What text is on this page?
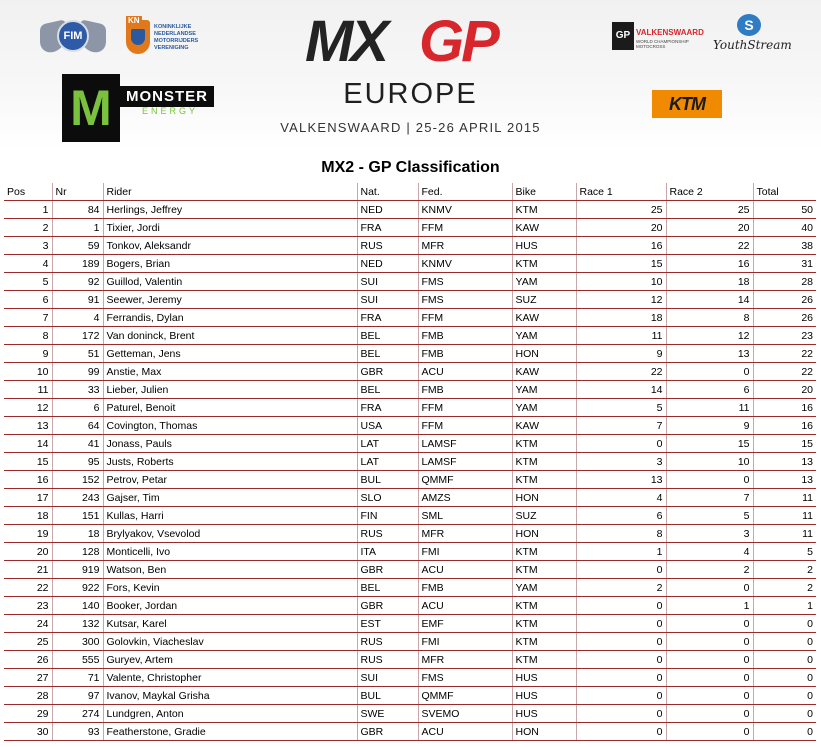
FIM
KN
KONINKLIJKE NEDERLANDSE MOTORRIJDERS VERENIGING MX GP
EUROPE
VALKENSWAARD | 25-26 APRIL 2015
M MONSTER
ENERGY
GP VALKENSWAARD
WORLD CHAMPIONSHIP MOTOCROSS
S
YouthStream
KTM
MX2 - GP Classification
Pos	Nr	Rider	Nat.	Fed.	Bike	Race 1	Race 2	Total
1	84	Herlings, Jeffrey	NED	KNMV	KTM	25	25	50
2	1	Tixier, Jordi	FRA	FFM	KAW	20	20	40
3	59	Tonkov, Aleksandr	RUS	MFR	HUS	16	22	38
4	189	Bogers, Brian	NED	KNMV	KTM	15	16	31
5	92	Guillod, Valentin	SUI	FMS	YAM	10	18	28
6	91	Seewer, Jeremy	SUI	FMS	SUZ	12	14	26
7	4	Ferrandis, Dylan	FRA	FFM	KAW	18	8	26
8	172	Van doninck, Brent	BEL	FMB	YAM	11	12	23
9	51	Getteman, Jens	BEL	FMB	HON	9	13	22
10	99	Anstie, Max	GBR	ACU	KAW	22	0	22
11	33	Lieber, Julien	BEL	FMB	YAM	14	6	20
12	6	Paturel, Benoit	FRA	FFM	YAM	5	11	16
13	64	Covington, Thomas	USA	FFM	KAW	7	9	16
14	41	Jonass, Pauls	LAT	LAMSF	KTM	0	15	15
15	95	Justs, Roberts	LAT	LAMSF	KTM	3	10	13
16	152	Petrov, Petar	BUL	QMMF	KTM	13	0	13
17	243	Gajser, Tim	SLO	AMZS	HON	4	7	11
18	151	Kullas, Harri	FIN	SML	SUZ	6	5	11
19	18	Brylyakov, Vsevolod	RUS	MFR	HON	8	3	11
20	128	Monticelli, Ivo	ITA	FMI	KTM	1	4	5
21	919	Watson, Ben	GBR	ACU	KTM	0	2	2
22	922	Fors, Kevin	BEL	FMB	YAM	2	0	2
23	140	Booker, Jordan	GBR	ACU	KTM	0	1	1
24	132	Kutsar, Karel	EST	EMF	KTM	0	0	0
25	300	Golovkin, Viacheslav	RUS	FMI	KTM	0	0	0
26	555	Guryev, Artem	RUS	MFR	KTM	0	0	0
27	71	Valente, Christopher	SUI	FMS	HUS	0	0	0
28	97	Ivanov, Maykal Grisha	BUL	QMMF	HUS	0	0	0
29	274	Lundgren, Anton	SWE	SVEMO	HUS	0	0	0
30	93	Featherstone, Gradie	GBR	ACU	HON	0	0	0
